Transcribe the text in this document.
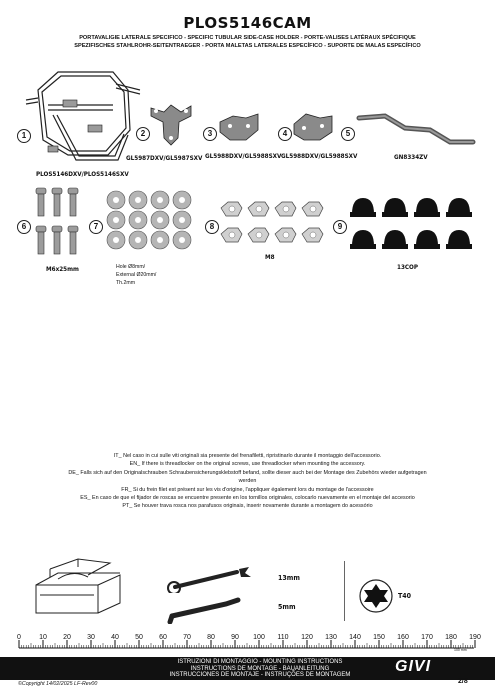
PLOS5146CAM
PORTAVALIGIE LATERALE SPECIFICO - SPECIFIC TUBULAR SIDE-CASE HOLDER - PORTE-VALISES LATÉRAUX SPÉCIFIQUE
SPEZIFISCHES STAHLROHR-SEITENTRAEGER - PORTA MALETAS LATERALES ESPECÍFICO - SUPORTE DE MALAS ESPECÍFICO
1
PLOS5146DXV/PLOS5146SXV
2
GL5987DXV/GL5987SXV
3
GL5988DXV/GL5988SXV
4	5
GL5988DXV/GL5988SXV	GN8334ZV
6
M6x25mm
7
Hole Ø8mm/
External Ø20mm/
Th.2mm
8
M8
9
13COP
IT_ Nel caso in cui sulle viti originali sia presente del frenafiletti, ripristinarlo durante il montaggio dell'accessorio.
EN_ If there is threadlocker on the original screws, use threadlocker when mounting the accessory.
DE_ Falls sich auf den Originalschrauben Schraubensicherungsklebstoff befand, sollte dieser auch bei der Montage des Zubehörs wieder aufgetragen
werden
FR_ Si du frein filet est présent sur les vis d'origine, l'appliquer également lors du montage de l'accessoire
ES_ En caso de que el fijador de roscas se encuentre presente en los tornillos originales, colocarlo nuevamente en el montaje del accesorio
PT_ Se houver trava rosca nos parafusos originais, inserir novamente durante a montagem do acessório
13mm
5mm
T40
0	10	20	30	40	50	60	70	80	90	100	110	120	130	140	150	160	170	180	190
100 mm
CHECK THE SCREW LENGTH HERE
ISTRUZIONI DI MONTAGGIO - MOUNTING INSTRUCTIONS
INSTRUCTIONS DE MONTAGE - BAUANLEITUNG
INSTRUCCIONES DE MONTAJE - INSTRUÇÕES DE MONTAGEM	GIVI
©Copyright 14/02/2025 LF-Rev00	2/8
